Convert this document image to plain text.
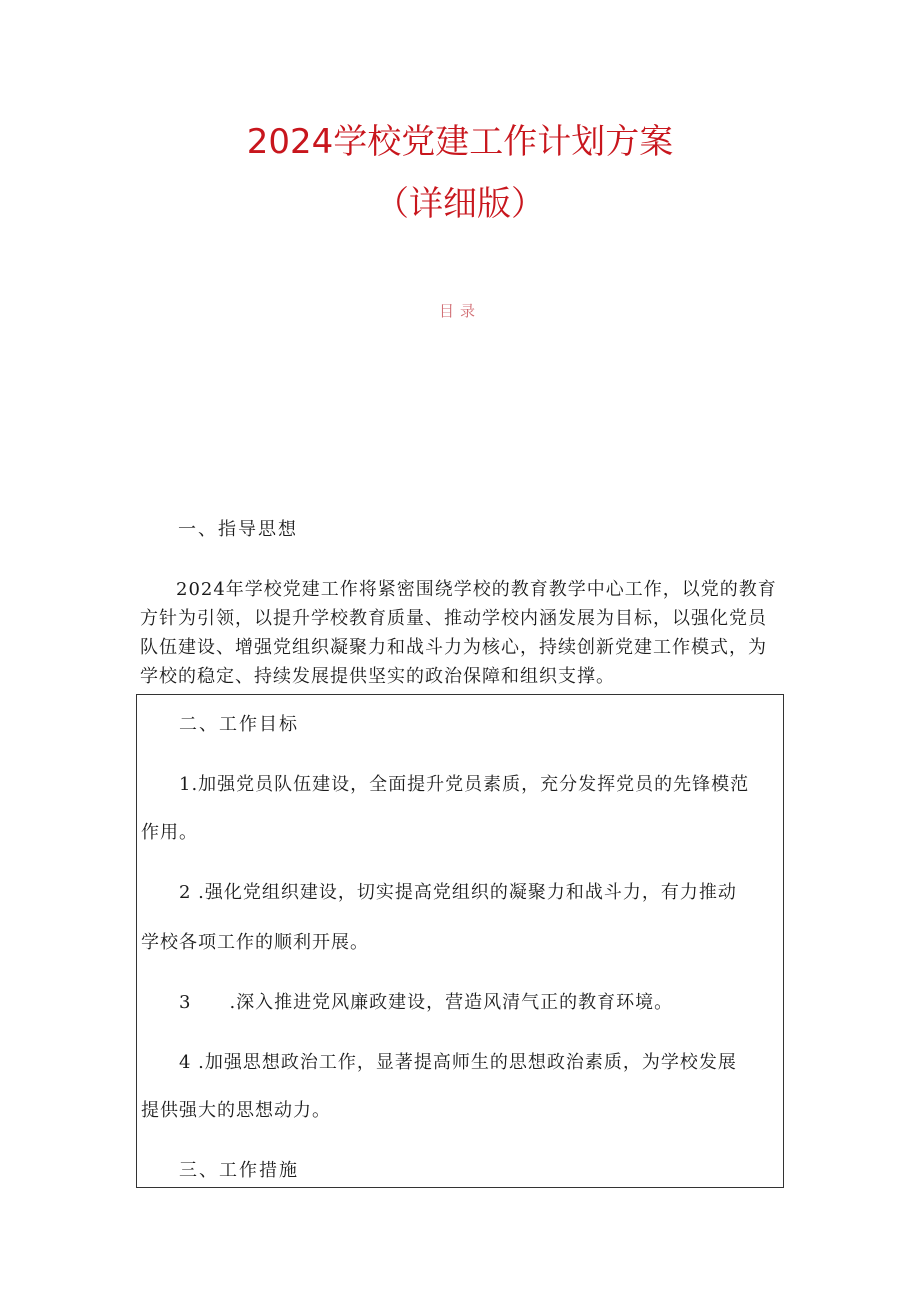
2024学校党建工作计划方案
（详细版）
目录
一、指导思想
2024年学校党建工作将紧密围绕学校的教育教学中心工作，以党的教育方针为引领，以提升学校教育质量、推动学校内涵发展为目标，以强化党员队伍建设、增强党组织凝聚力和战斗力为核心，持续创新党建工作模式，为学校的稳定、持续发展提供坚实的政治保障和组织支撑。
二、工作目标
1.加强党员队伍建设，全面提升党员素质，充分发挥党员的先锋模范
作用。
2 .强化党组织建设，切实提高党组织的凝聚力和战斗力，有力推动
学校各项工作的顺利开展。
3　　.深入推进党风廉政建设，营造风清气正的教育环境。
4 .加强思想政治工作，显著提高师生的思想政治素质，为学校发展
提供强大的思想动力。
三、工作措施
